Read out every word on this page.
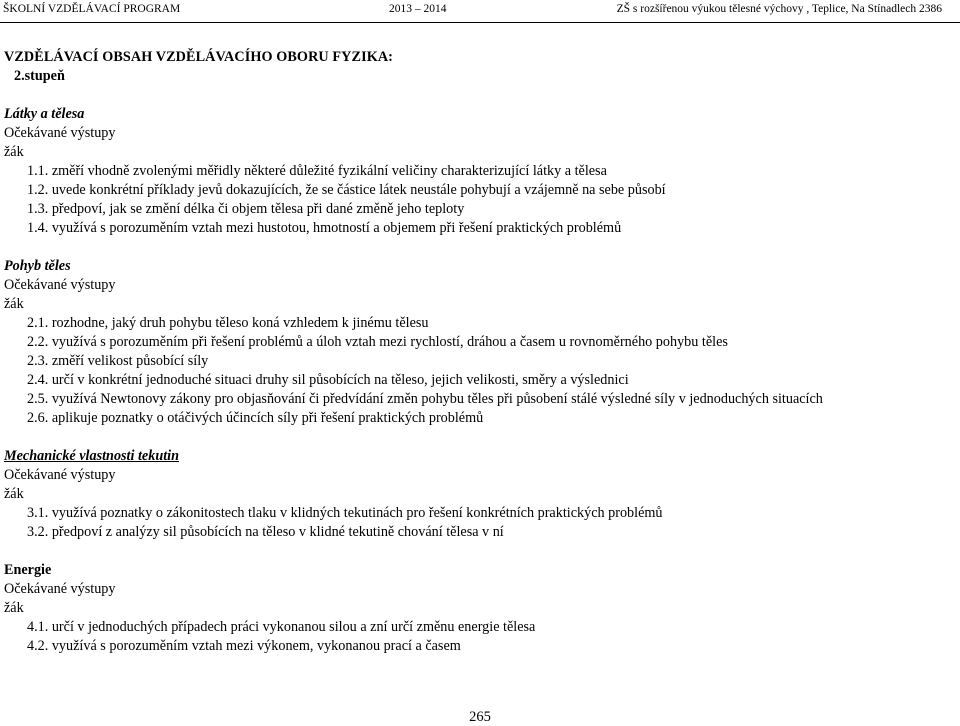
ŠKOLNÍ VZDĚLÁVACÍ PROGRAM	2013 – 2014	ZŠ s rozšířenou výukou tělesné výchovy , Teplice, Na Stínadlech 2386
VZDĚLÁVACÍ OBSAH VZDĚLÁVACÍHO OBORU FYZIKA:
2.stupeň
Látky a tělesa
Očekávané výstupy
žák
1.1. změří vhodně zvolenými měřidly některé důležité fyzikální veličiny charakterizující látky a tělesa
1.2. uvede konkrétní příklady jevů dokazujících, že se částice látek neustále pohybují a vzájemně na sebe působí
1.3. předpoví, jak se změní délka či objem tělesa při dané změně jeho teploty
1.4. využívá s porozuměním vztah mezi hustotou, hmotností a objemem při řešení praktických problémů
Pohyb těles
Očekávané výstupy
žák
2.1. rozhodne, jaký druh pohybu těleso koná vzhledem k jinému tělesu
2.2. využívá s porozuměním při řešení problémů a úloh vztah mezi rychlostí, dráhou a časem u rovnoměrného pohybu těles
2.3. změří velikost působící síly
2.4. určí v konkrétní jednoduché situaci druhy sil působících na těleso, jejich velikosti, směry a výslednici
2.5. využívá Newtonovy zákony pro objasňování či předvídání změn pohybu těles při působení stálé výsledné síly v jednoduchých situacích
2.6. aplikuje poznatky o otáčivých účincích síly při řešení praktických problémů
Mechanické vlastnosti tekutin
Očekávané výstupy
žák
3.1. využívá poznatky o zákonitostech tlaku v klidných tekutinách pro řešení konkrétních praktických problémů
3.2. předpoví z analýzy sil působících na těleso v klidné tekutině chování tělesa v ní
Energie
Očekávané výstupy
žák
4.1. určí v jednoduchých případech práci vykonanou silou a zní určí změnu energie tělesa
4.2. využívá s porozuměním vztah mezi výkonem, vykonanou prací a časem
265
